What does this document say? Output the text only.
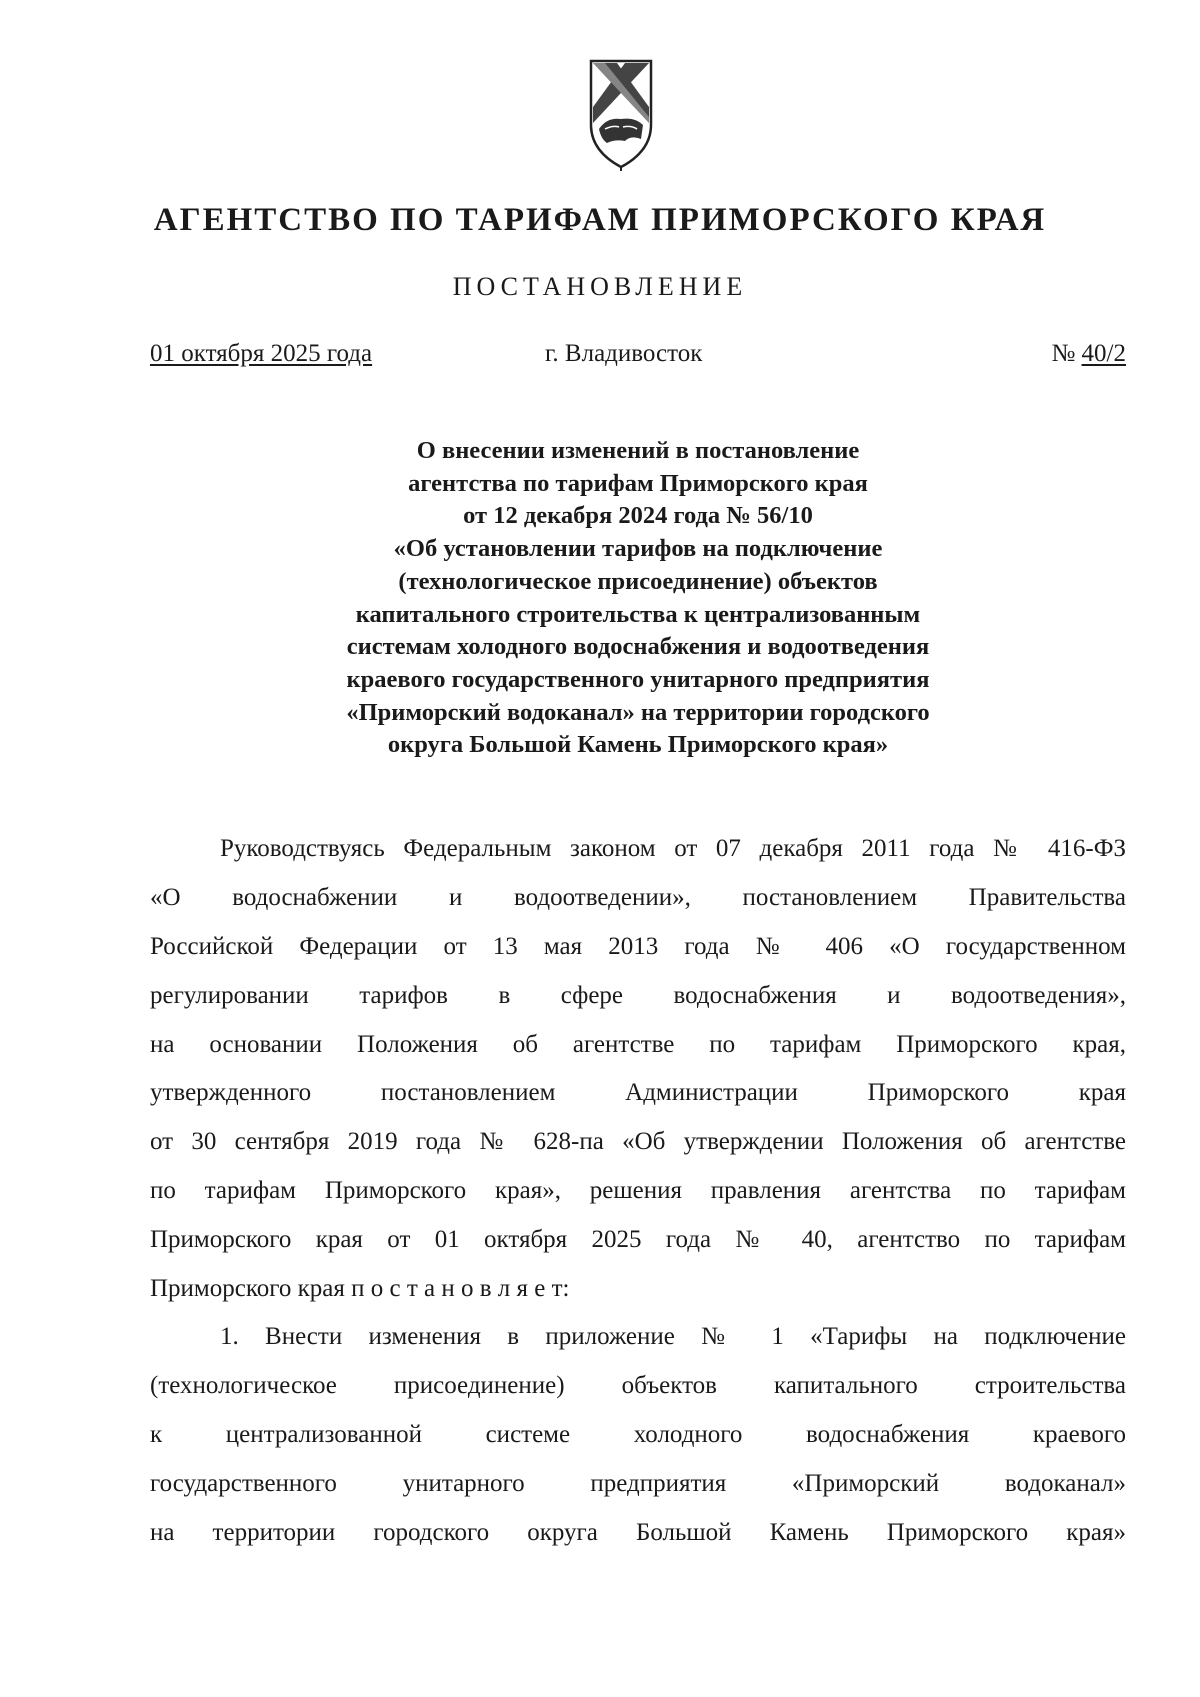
АГЕНТСТВО ПО ТАРИФАМ ПРИМОРСКОГО КРАЯ
ПОСТАНОВЛЕНИЕ
01 октября 2025 года	г. Владивосток	№ 40/2
О внесении изменений в постановление
агентства по тарифам Приморского края
от 12 декабря 2024 года № 56/10
«Об установлении тарифов на подключение
(технологическое присоединение) объектов
капитального строительства к централизованным
системам холодного водоснабжения и водоотведения
краевого государственного унитарного предприятия
«Приморский водоканал» на территории городского
округа Большой Камень Приморского края»
Руководствуясь Федеральным законом от 07 декабря 2011 года № 416-ФЗ
«О водоснабжении и водоотведении», постановлением Правительства
Российской Федерации от 13 мая 2013 года № 406 «О государственном
регулировании тарифов в сфере водоснабжения и водоотведения»,
на основании Положения об агентстве по тарифам Приморского края,
утвержденного постановлением Администрации Приморского края
от 30 сентября 2019 года № 628-па «Об утверждении Положения об агентстве
по тарифам Приморского края», решения правления агентства по тарифам
Приморского края от 01 октября 2025 года № 40, агентство по тарифам
Приморского края п о с т а н о в л я е т:
1. Внести изменения в приложение № 1 «Тарифы на подключение
(технологическое присоединение) объектов капитального строительства
к централизованной системе холодного водоснабжения краевого
государственного унитарного предприятия «Приморский водоканал»
на территории городского округа Большой Камень Приморского края»
